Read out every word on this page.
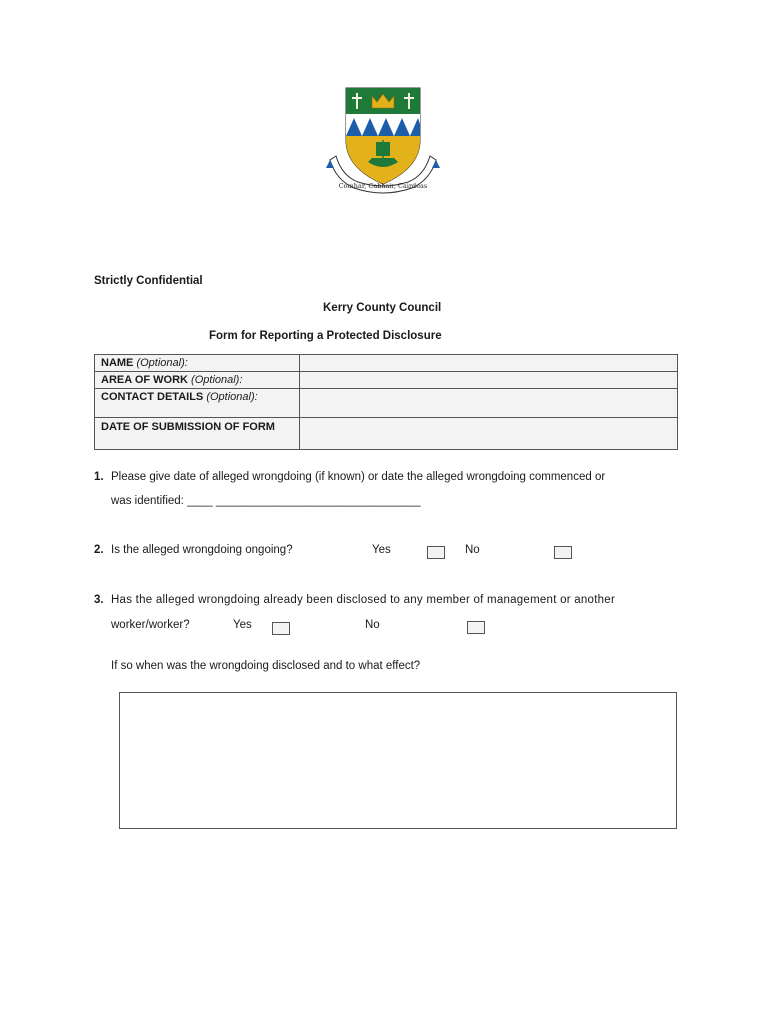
Comhar, Cabhair, Cairdeas
Strictly Confidential
Kerry County Council
Form for Reporting a Protected Disclosure
NAME (Optional):	
AREA OF WORK (Optional):	
CONTACT DETAILS (Optional):	
DATE OF SUBMISSION OF FORM	
1. Please give date of alleged wrongdoing (if known) or date the alleged wrongdoing commenced or
was identified: ____ ________________________________
2. Is the alleged wrongdoing ongoing?	Yes	No
3. Has the alleged wrongdoing already been disclosed to any member of management or another
worker/worker?	Yes	No
If so when was the wrongdoing disclosed and to what effect?
